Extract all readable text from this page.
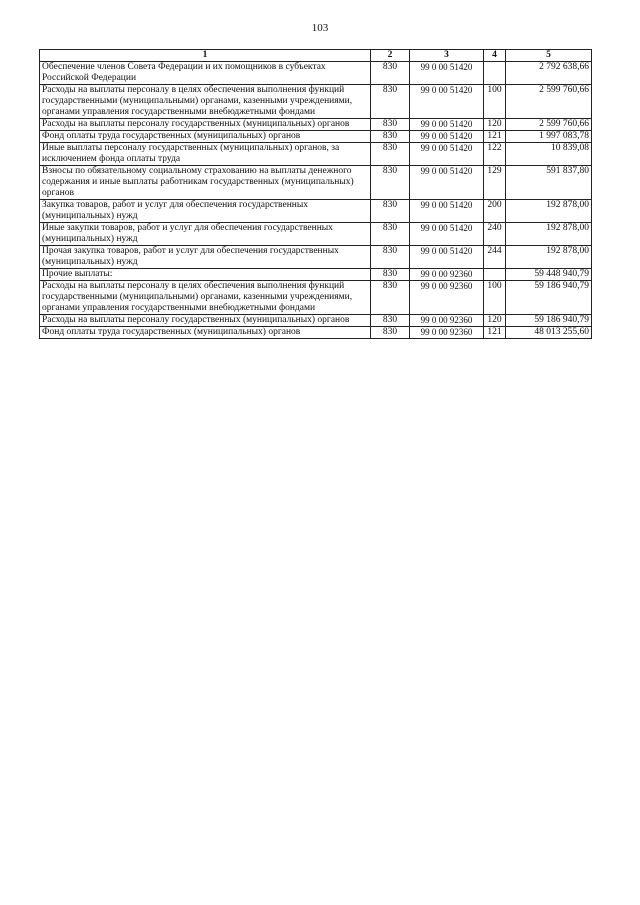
103
1	2	3	4	5
Обеспечение членов Совета Федерации и их помощников в субъектах Российской Федерации	830	99 0 00 51420		2 792 638,66
Расходы на выплаты персоналу в целях обеспечения выполнения функций государственными (муниципальными) органами, казенными учреждениями, органами управления государственными внебюджетными фондами	830	99 0 00 51420	100	2 599 760,66
Расходы на выплаты персоналу государственных (муниципальных) органов	830	99 0 00 51420	120	2 599 760,66
Фонд оплаты труда государственных (муниципальных) органов	830	99 0 00 51420	121	1 997 083,78
Иные выплаты персоналу государственных (муниципальных) органов, за исключением фонда оплаты труда	830	99 0 00 51420	122	10 839,08
Взносы по обязательному социальному страхованию на выплаты денежного содержания и иные выплаты работникам государственных (муниципальных) органов	830	99 0 00 51420	129	591 837,80
Закупка товаров, работ и услуг для обеспечения государственных (муниципальных) нужд	830	99 0 00 51420	200	192 878,00
Иные закупки товаров, работ и услуг для обеспечения государственных (муниципальных) нужд	830	99 0 00 51420	240	192 878,00
Прочая закупка товаров, работ и услуг для обеспечения государственных (муниципальных) нужд	830	99 0 00 51420	244	192 878,00
Прочие выплаты:	830	99 0 00 92360		59 448 940,79
Расходы на выплаты персоналу в целях обеспечения выполнения функций государственными (муниципальными) органами, казенными учреждениями, органами управления государственными внебюджетными фондами	830	99 0 00 92360	100	59 186 940,79
Расходы на выплаты персоналу государственных (муниципальных) органов	830	99 0 00 92360	120	59 186 940,79
Фонд оплаты труда государственных (муниципальных) органов	830	99 0 00 92360	121	48 013 255,60
